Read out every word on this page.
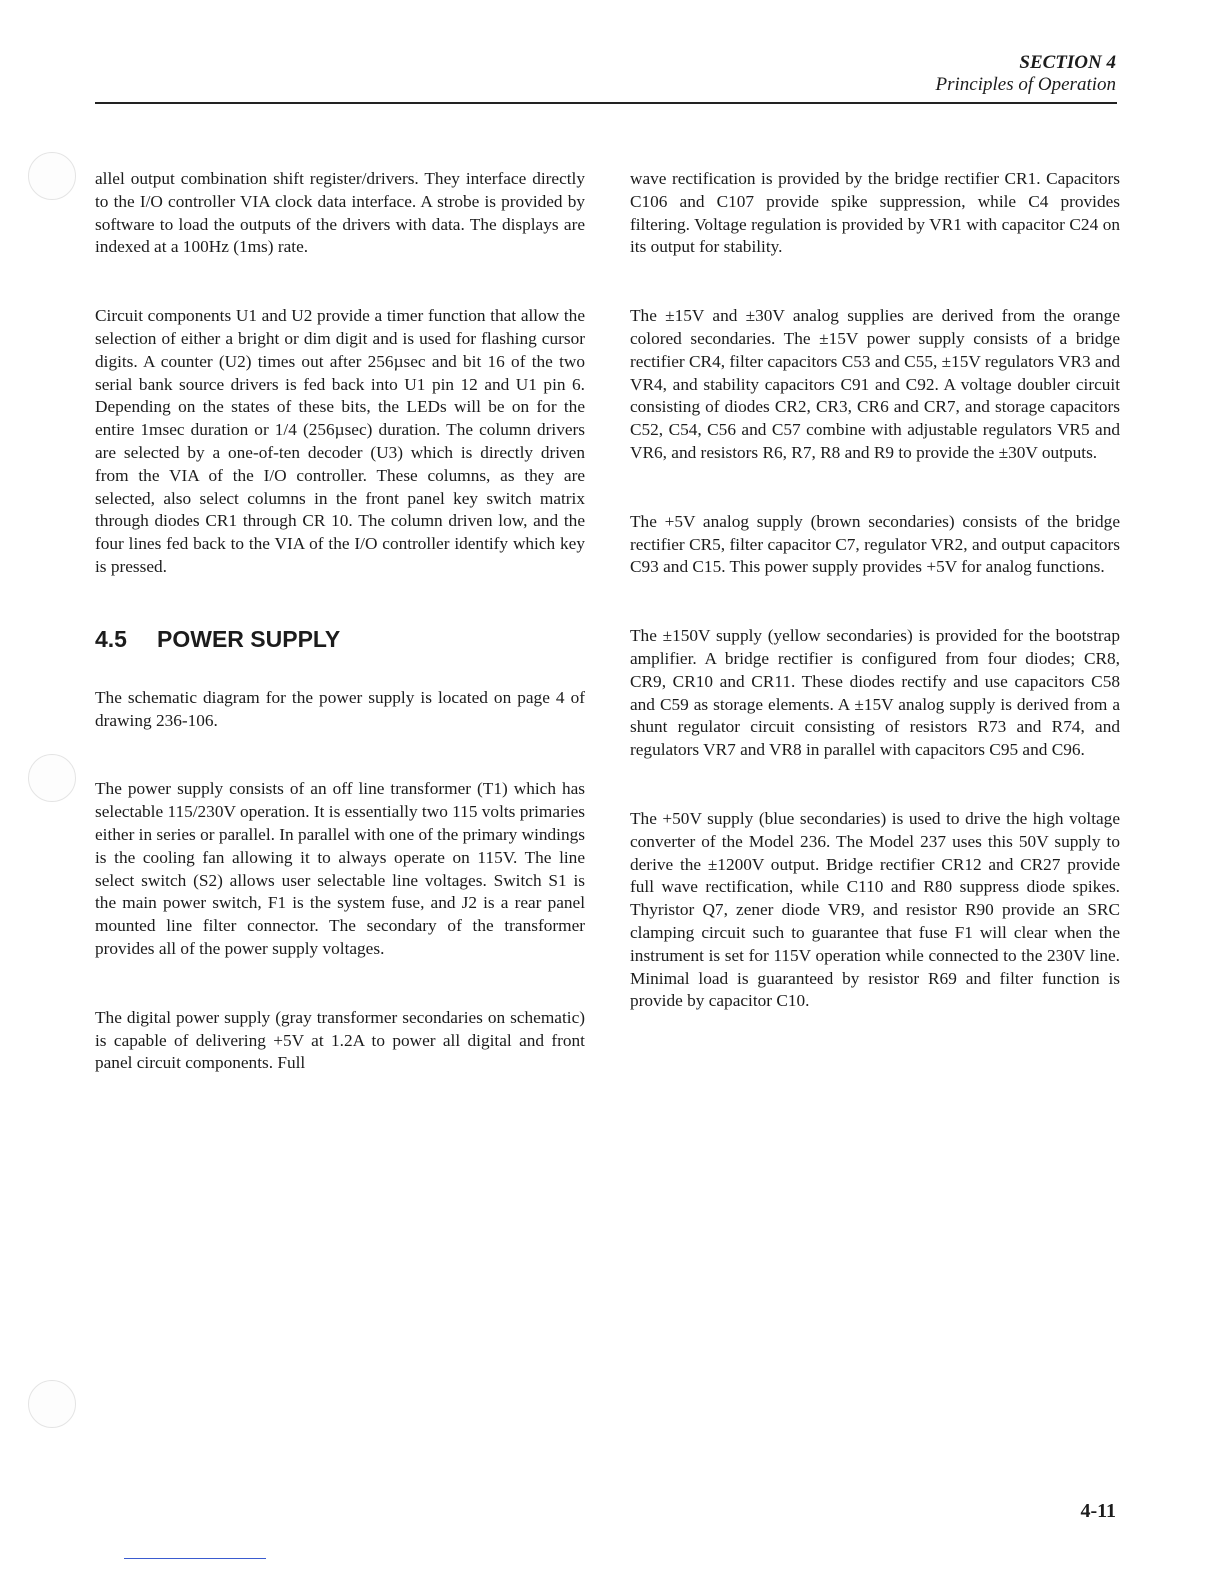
SECTION 4
Principles of Operation

allel output combination shift register/drivers. They interface directly to the I/O controller VIA clock data interface. A strobe is provided by software to load the outputs of the drivers with data. The displays are indexed at a 100Hz (1ms) rate.

Circuit components U1 and U2 provide a timer function that allow the selection of either a bright or dim digit and is used for flashing cursor digits. A counter (U2) times out after 256µsec and bit 16 of the two serial bank source drivers is fed back into U1 pin 12 and U1 pin 6. Depending on the states of these bits, the LEDs will be on for the entire 1msec duration or 1/4 (256µsec) duration. The column drivers are selected by a one-of-ten decoder (U3) which is directly driven from the VIA of the I/O controller. These columns, as they are selected, also select columns in the front panel key switch matrix through diodes CR1 through CR 10. The column driven low, and the four lines fed back to the VIA of the I/O controller identify which key is pressed.

4.5 POWER SUPPLY

The schematic diagram for the power supply is located on page 4 of drawing 236-106.

The power supply consists of an off line transformer (T1) which has selectable 115/230V operation. It is essentially two 115 volts primaries either in series or parallel. In parallel with one of the primary windings is the cooling fan allowing it to always operate on 115V. The line select switch (S2) allows user selectable line voltages. Switch S1 is the main power switch, F1 is the system fuse, and J2 is a rear panel mounted line filter connector. The secondary of the transformer provides all of the power supply voltages.

The digital power supply (gray transformer secondaries on schematic) is capable of delivering +5V at 1.2A to power all digital and front panel circuit components. Full

wave rectification is provided by the bridge rectifier CR1. Capacitors C106 and C107 provide spike suppression, while C4 provides filtering. Voltage regulation is provided by VR1 with capacitor C24 on its output for stability.

The ±15V and ±30V analog supplies are derived from the orange colored secondaries. The ±15V power supply consists of a bridge rectifier CR4, filter capacitors C53 and C55, ±15V regulators VR3 and VR4, and stability capacitors C91 and C92. A voltage doubler circuit consisting of diodes CR2, CR3, CR6 and CR7, and storage capacitors C52, C54, C56 and C57 combine with adjustable regulators VR5 and VR6, and resistors R6, R7, R8 and R9 to provide the ±30V outputs.

The +5V analog supply (brown secondaries) consists of the bridge rectifier CR5, filter capacitor C7, regulator VR2, and output capacitors C93 and C15. This power supply provides +5V for analog functions.

The ±150V supply (yellow secondaries) is provided for the bootstrap amplifier. A bridge rectifier is configured from four diodes; CR8, CR9, CR10 and CR11. These diodes rectify and use capacitors C58 and C59 as storage elements. A ±15V analog supply is derived from a shunt regulator circuit consisting of resistors R73 and R74, and regulators VR7 and VR8 in parallel with capacitors C95 and C96.

The +50V supply (blue secondaries) is used to drive the high voltage converter of the Model 236. The Model 237 uses this 50V supply to derive the ±1200V output. Bridge rectifier CR12 and CR27 provide full wave rectification, while C110 and R80 suppress diode spikes. Thyristor Q7, zener diode VR9, and resistor R90 provide an SRC clamping circuit such to guarantee that fuse F1 will clear when the instrument is set for 115V operation while connected to the 230V line. Minimal load is guaranteed by resistor R69 and filter function is provide by capacitor C10.

4-11
